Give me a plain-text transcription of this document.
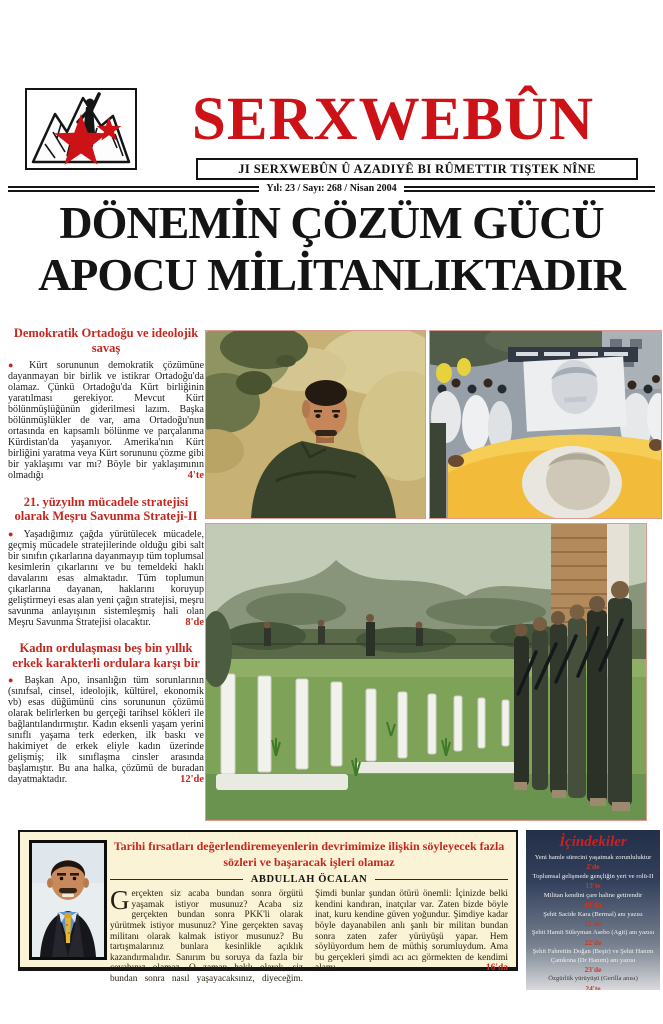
SERXWEBÛN
JI SERXWEBÛN Û AZADIYÊ BI RÛMETTIR TIŞTEK NÎNE
Yıl: 23 / Sayı: 268 / Nisan 2004
DÖNEMİN ÇÖZÜM GÜCÜ
APOCU MİLİTANLIKTADIR
Demokratik Ortadoğu ve ideolojik savaş
● Kürt sorununun demokratik çözümüne dayanmayan bir birlik ve istikrar Ortadoğu'da olamaz. Çünkü Ortadoğu'da Kürt birliğinin yaratılması gerekiyor. Mevcut Kürt bölünmüşlüğünün giderilmesi lazım. Başka bölünmüşlükler de var, ama Ortadoğu'nun ortasında en kapsamlı bölünme ve parçalanma Kürdistan'da yaşanıyor. Amerika'nın Kürt birliğini yaratma veya Kürt sorununu çözme gibi bir yaklaşımı var mı? Böyle bir yaklaşımının olmadığı	4'te
21. yüzyılın mücadele stratejisi olarak Meşru Savunma Strateji-II
● Yaşadığımız çağda yürütülecek mücadele, geçmiş mücadele stratejilerinde olduğu gibi salt bir sınıfın çıkarlarına dayanmayıp tüm toplumsal kesimlerin çıkarlarını ve bu temeldeki haklı davalarını esas almaktadır. Tüm toplumun çıkarlarına dayanan, haklarını koruyup geliştirmeyi esas alan yeni çağın stratejisi, meşru savunma anlayışının sistemleşmiş hali olan Meşru Savunma Stratejisi olacaktır.	8'de
Kadın ordulaşması beş bin yıllık erkek karakterli ordulara karşı bir
● Başkan Apo, insanlığın tüm sorunlarının (sınıfsal, cinsel, ideolojik, kültürel, ekonomik vb) esas düğümünü cins sorununun çözümü olarak belirlerken bu gerçeği tarihsel kökleri ile bağlantılandırmıştır. Kadın eksenli yaşam yerini sınıflı yaşama terk ederken, ilk baskı ve hakimiyet de erkek eliyle kadın üzerinde gelişmiş; ilk sınıflaşma cinsler arasında başlamıştır. Bu ana halka, çözümü de buradan dayatmaktadır.	12'de
Tarihi fırsatları değerlendiremeyenlerin devrimimize ilişkin söyleyecek fazla sözleri ve başaracak işleri olamaz
ABDULLAH ÖCALAN
Gerçekten siz acaba bundan sonra örgütü yaşamak istiyor musunuz? Acaba siz gerçekten bundan sonra PKK'li olarak yürütmek istiyor musunuz? Yine gerçekten savaş militanı olarak kalmak istiyor musunuz? Bu tartışmalarınız bunlara kesinlikle açıklık kazandırmalıdır. Sanırım bu soruya da fazla bir cevabınız olamaz. O zaman haklı olarak, siz bundan sonra nasıl yaşayacaksınız, diyeceğim. Şimdi bunlar şundan ötürü önemli: İçinizde belki kendini kandıran, inatçılar var. Zaten bizde böyle inat, kuru kendine güven yoğundur. Şimdiye kadar böyle dayanabilen anlı şanlı bir militan bundan sonra zaten zafer yürüyüşü yapar. Hem söylüyordum hem de müthiş sorumluydum. Ama bu gerçekleri şimdi acı acı görmekten de kendimi alamı-	16'da
İçindekiler
Yeni hamle sürecini yaşatmak zorunluluktur
2'de
Toplumsal gelişmede gençliğin yeri ve rolü-II
13'te
Militan kendini çare haline getirendir
19'da
Şehit Sacide Kara (Bermal) anı yazısı
21'de
Şehit Hamit Süleyman Asebo (Agit) anı yazısı
22'de
Şehit Fahrettin Doğan (Beşir) ve Şehit Hanım Çamkona (Dr Hanım) anı yazısı
23'de
Özgürlük yürüyüşü (Gerilla anısı)
24'te
